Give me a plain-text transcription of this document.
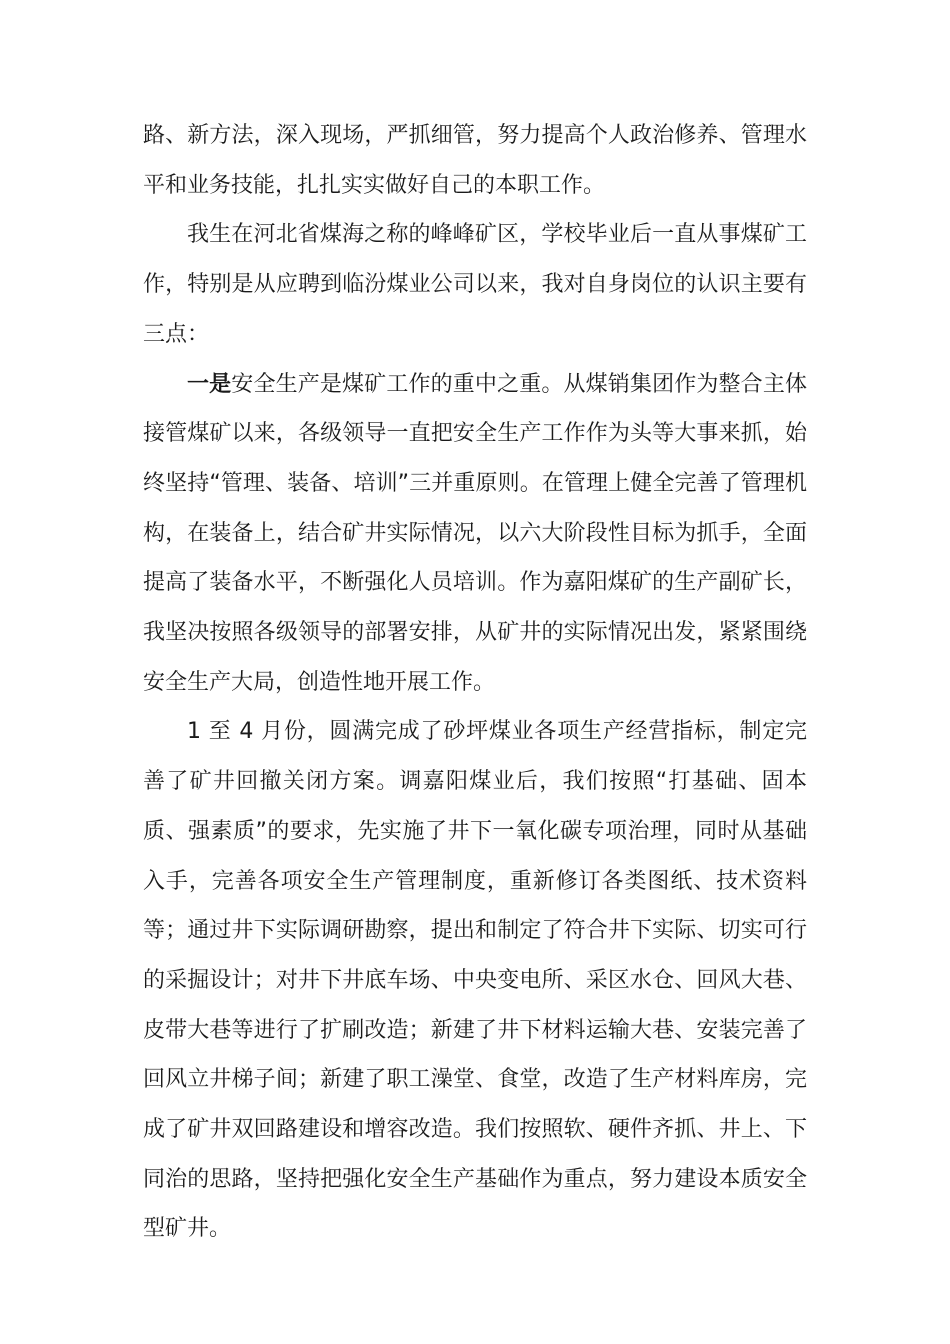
路、新方法，深入现场，严抓细管，努力提高个人政治修养、管理水平和业务技能，扎扎实实做好自己的本职工作。

我生在河北省煤海之称的峰峰矿区，学校毕业后一直从事煤矿工作，特别是从应聘到临汾煤业公司以来，我对自身岗位的认识主要有三点：

一是安全生产是煤矿工作的重中之重。从煤销集团作为整合主体接管煤矿以来，各级领导一直把安全生产工作作为头等大事来抓，始终坚持“管理、装备、培训”三并重原则。在管理上健全完善了管理机构，在装备上，结合矿井实际情况，以六大阶段性目标为抓手，全面提高了装备水平，不断强化人员培训。作为嘉阳煤矿的生产副矿长，我坚决按照各级领导的部署安排，从矿井的实际情况出发，紧紧围绕安全生产大局，创造性地开展工作。

1 至 4 月份，圆满完成了砂坪煤业各项生产经营指标，制定完善了矿井回撤关闭方案。调嘉阳煤业后，我们按照“打基础、固本质、强素质”的要求，先实施了井下一氧化碳专项治理，同时从基础入手，完善各项安全生产管理制度，重新修订各类图纸、技术资料等；通过井下实际调研勘察，提出和制定了符合井下实际、切实可行的采掘设计；对井下井底车场、中央变电所、采区水仓、回风大巷、皮带大巷等进行了扩刷改造；新建了井下材料运输大巷、安装完善了回风立井梯子间；新建了职工澡堂、食堂，改造了生产材料库房，完成了矿井双回路建设和增容改造。我们按照软、硬件齐抓、井上、下同治的思路，坚持把强化安全生产基础作为重点，努力建设本质安全型矿井。
